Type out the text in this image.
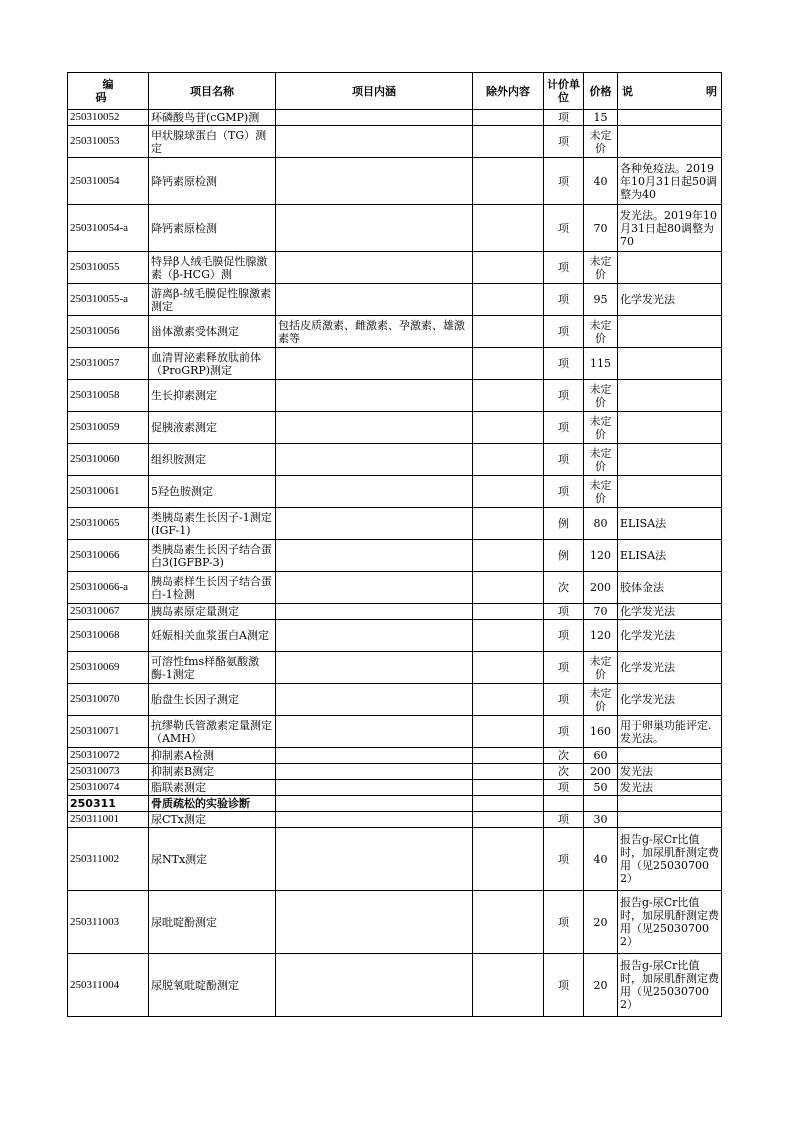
编 码	项目名称	项目内涵	除外内容	计价单位	价格	说 明

250310052	环磷酸鸟苷(cGMP)测			项	15	
250310053	甲状腺球蛋白（TG）测定			项	未定价	
250310054	降钙素原检测			项	40	各种免疫法。2019年10月31日起50调整为40
250310054-a	降钙素原检测			项	70	发光法。2019年10月31日起80调整为70
250310055	特异β人绒毛膜促性腺激素（β-HCG）测			项	未定价	
250310055-a	游离β-绒毛膜促性腺激素测定			项	95	化学发光法
250310056	甾体激素受体测定	包括皮质激素、雌激素、孕激素、雄激素等		项	未定价	
250310057	血清胃泌素释放肽前体（ProGRP)测定			项	115	
250310058	生长抑素测定			项	未定价	
250310059	促胰液素测定			项	未定价	
250310060	组织胺测定			项	未定价	
250310061	5羟色胺测定			项	未定价	
250310065	类胰岛素生长因子-1测定(IGF-1)			例	80	ELISA法
250310066	类胰岛素生长因子结合蛋白3(IGFBP-3)			例	120	ELISA法
250310066-a	胰岛素样生长因子结合蛋白-1检测			次	200	胶体金法
250310067	胰岛素原定量测定			项	70	化学发光法
250310068	妊娠相关血浆蛋白A测定			项	120	化学发光法
250310069	可溶性fms样酪氨酸激酶-1测定			项	未定价	化学发光法
250310070	胎盘生长因子测定			项	未定价	化学发光法
250310071	抗缪勒氏管激素定量测定（AMH）			项	160	用于卵巢功能评定.发光法。
250310072	抑制素A检测			次	60	
250310073	抑制素B测定			次	200	发光法
250310074	脂联素测定			项	50	发光法
250311	骨质疏松的实验诊断					
250311001	尿CTx测定			项	30	
250311002	尿NTx测定			项	40	报告g-尿Cr比值时，加尿肌酐测定费用（见250307002）
250311003	尿吡啶酚测定			项	20	报告g-尿Cr比值时，加尿肌酐测定费用（见250307002）
250311004	尿脱氧吡啶酚测定			项	20	报告g-尿Cr比值时，加尿肌酐测定费用（见250307002）
